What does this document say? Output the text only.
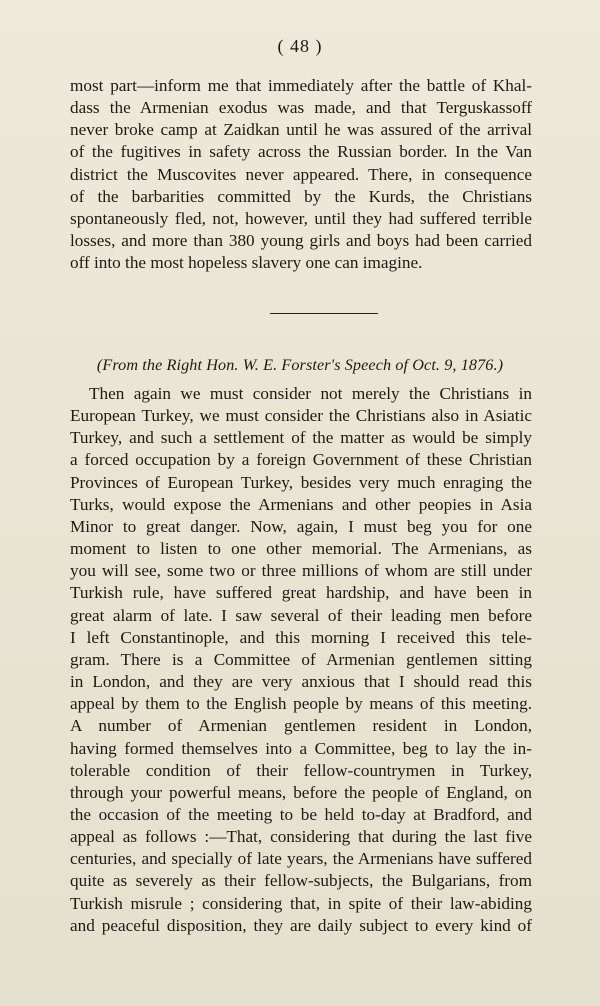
( 48 )
most part—inform me that immediately after the battle of Khal-
dass the Armenian exodus was made, and that Terguskassoff
never broke camp at Zaidkan until he was assured of the arrival
of the fugitives in safety across the Russian border. In the Van
district the Muscovites never appeared. There, in consequence
of the barbarities committed by the Kurds, the Christians
spontaneously fled, not, however, until they had suffered terrible
losses, and more than 380 young girls and boys had been carried
off into the most hopeless slavery one can imagine.
(From the Right Hon. W. E. Forster's Speech of Oct. 9, 1876.)
Then again we must consider not merely the Christians in
European Turkey, we must consider the Christians also in Asiatic
Turkey, and such a settlement of the matter as would be simply
a forced occupation by a foreign Government of these Christian
Provinces of European Turkey, besides very much enraging the
Turks, would expose the Armenians and other peopies in Asia
Minor to great danger. Now, again, I must beg you for one
moment to listen to one other memorial. The Armenians, as
you will see, some two or three millions of whom are still under
Turkish rule, have suffered great hardship, and have been in
great alarm of late. I saw several of their leading men before
I left Constantinople, and this morning I received this tele-
gram. There is a Committee of Armenian gentlemen sitting
in London, and they are very anxious that I should read this
appeal by them to the English people by means of this meeting.
A number of Armenian gentlemen resident in London,
having formed themselves into a Committee, beg to lay the in-
tolerable condition of their fellow-countrymen in Turkey,
through your powerful means, before the people of England, on
the occasion of the meeting to be held to-day at Bradford, and
appeal as follows :—That, considering that during the last five
centuries, and specially of late years, the Armenians have suffered
quite as severely as their fellow-subjects, the Bulgarians, from
Turkish misrule ; considering that, in spite of their law-abiding
and peaceful disposition, they are daily subject to every kind of
